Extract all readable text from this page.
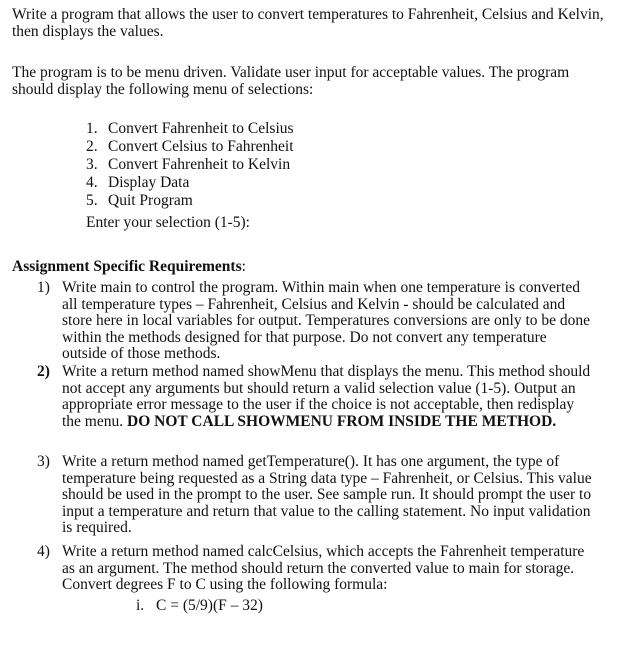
Write a program that allows the user to convert temperatures to Fahrenheit, Celsius and Kelvin, then displays the values.

The program is to be menu driven. Validate user input for acceptable values. The program should display the following menu of selections:

1. Convert Fahrenheit to Celsius
2. Convert Celsius to Fahrenheit
3. Convert Fahrenheit to Kelvin
4. Display Data
5. Quit Program
Enter your selection (1-5):
Assignment Specific Requirements:
1) Write main to control the program. Within main when one temperature is converted all temperature types – Fahrenheit, Celsius and Kelvin - should be calculated and store here in local variables for output. Temperatures conversions are only to be done within the methods designed for that purpose. Do not convert any temperature outside of those methods.

2) Write a return method named showMenu that displays the menu. This method should not accept any arguments but should return a valid selection value (1-5). Output an appropriate error message to the user if the choice is not acceptable, then redisplay the menu. DO NOT CALL SHOWMENU FROM INSIDE THE METHOD.

3) Write a return method named getTemperature(). It has one argument, the type of temperature being requested as a String data type – Fahrenheit, or Celsius. This value should be used in the prompt to the user. See sample run. It should prompt the user to input a temperature and return that value to the calling statement. No input validation is required.

4) Write a return method named calcCelsius, which accepts the Fahrenheit temperature as an argument. The method should return the converted value to main for storage. Convert degrees F to C using the following formula:

i. C = (5/9)(F – 32)
